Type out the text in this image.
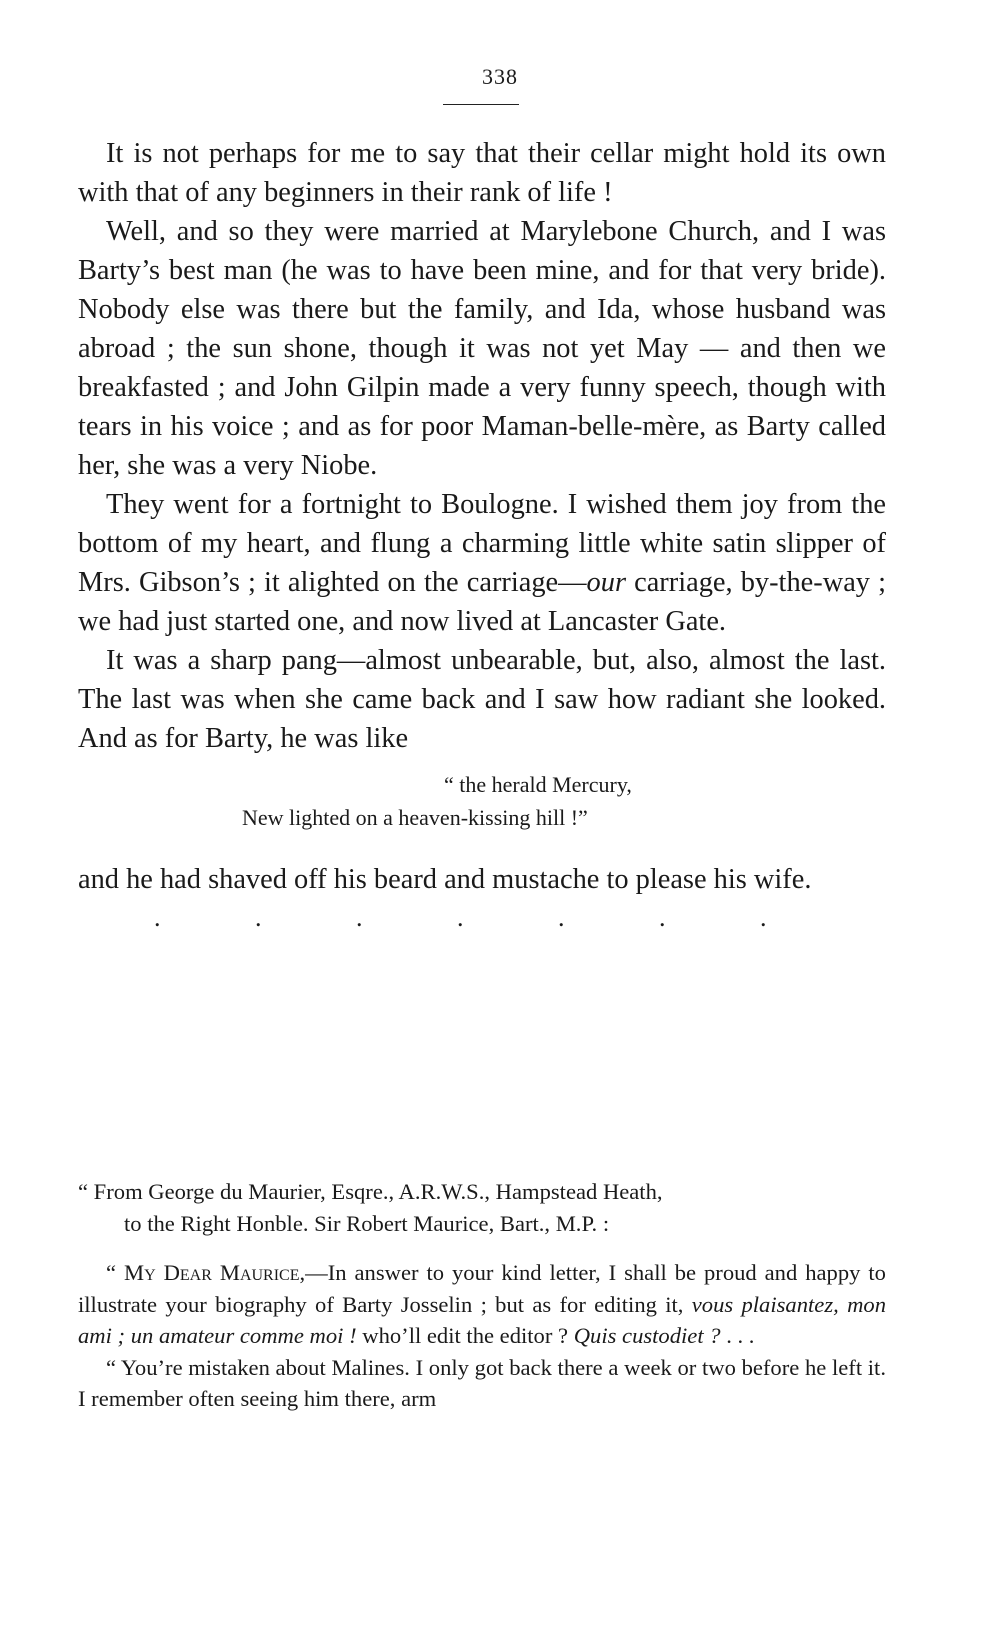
338

It is not perhaps for me to say that their cellar might hold its own with that of any beginners in their rank of life !

Well, and so they were married at Marylebone Church, and I was Barty’s best man (he was to have been mine, and for that very bride). Nobody else was there but the family, and Ida, whose husband was abroad ; the sun shone, though it was not yet May — and then we breakfasted ; and John Gilpin made a very funny speech, though with tears in his voice ; and as for poor Maman-belle-mère, as Barty called her, she was a very Niobe.

They went for a fortnight to Boulogne. I wished them joy from the bottom of my heart, and flung a charming little white satin slipper of Mrs. Gibson’s ; it alighted on the carriage—our carriage, by-the-way ; we had just started one, and now lived at Lancaster Gate.

It was a sharp pang—almost unbearable, but, also, almost the last. The last was when she came back and I saw how radiant she looked. And as for Barty, he was like

“ the herald Mercury,
New lighted on a heaven-kissing hill !”

and he had shaved off his beard and mustache to please his wife.

. . . . . . .

“ From George du Maurier, Esqre., A.R.W.S., Hampstead Heath,

to the Right Honble. Sir Robert Maurice, Bart., M.P. :

“ My Dear Maurice,—In answer to your kind letter, I shall be proud and happy to illustrate your biography of Barty Josselin ; but as for editing it, vous plaisantez, mon ami ; un amateur comme moi ! who’ll edit the editor ? Quis custodiet ? . . .

“ You’re mistaken about Malines. I only got back there a week or two before he left it. I remember often seeing him there, arm
